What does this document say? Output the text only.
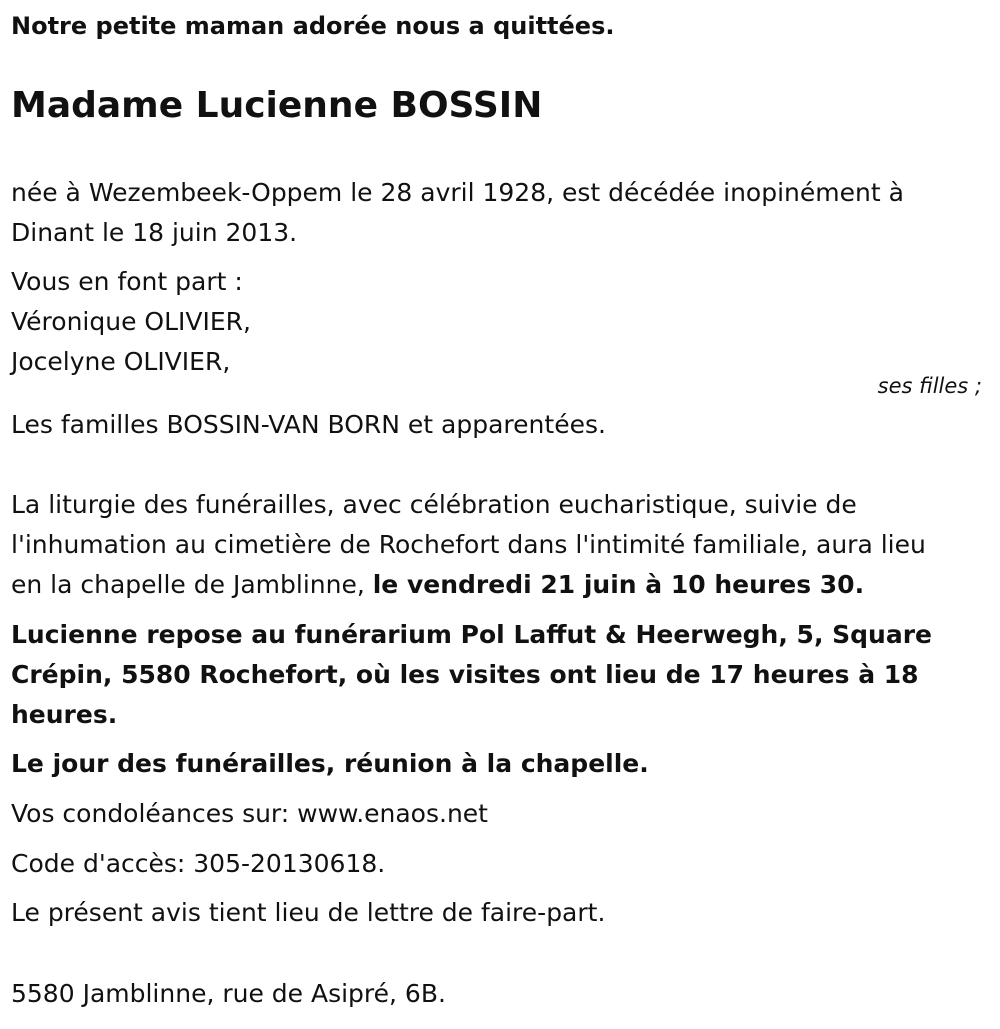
Notre petite maman adorée nous a quittées.
Madame Lucienne BOSSIN
née à Wezembeek-Oppem le 28 avril 1928, est décédée inopinément à
Dinant le 18 juin 2013.
Vous en font part :
Véronique OLIVIER,
Jocelyne OLIVIER,
ses filles ;
Les familles BOSSIN-VAN BORN et apparentées.
La liturgie des funérailles, avec célébration eucharistique, suivie de
l'inhumation au cimetière de Rochefort dans l'intimité familiale, aura lieu
en la chapelle de Jamblinne, le vendredi 21 juin à 10 heures 30.
Lucienne repose au funérarium Pol Laffut & Heerwegh, 5, Square
Crépin, 5580 Rochefort, où les visites ont lieu de 17 heures à 18
heures.
Le jour des funérailles, réunion à la chapelle.
Vos condoléances sur: www.enaos.net
Code d'accès: 305-20130618.
Le présent avis tient lieu de lettre de faire-part.
5580 Jamblinne, rue de Asipré, 6B.
